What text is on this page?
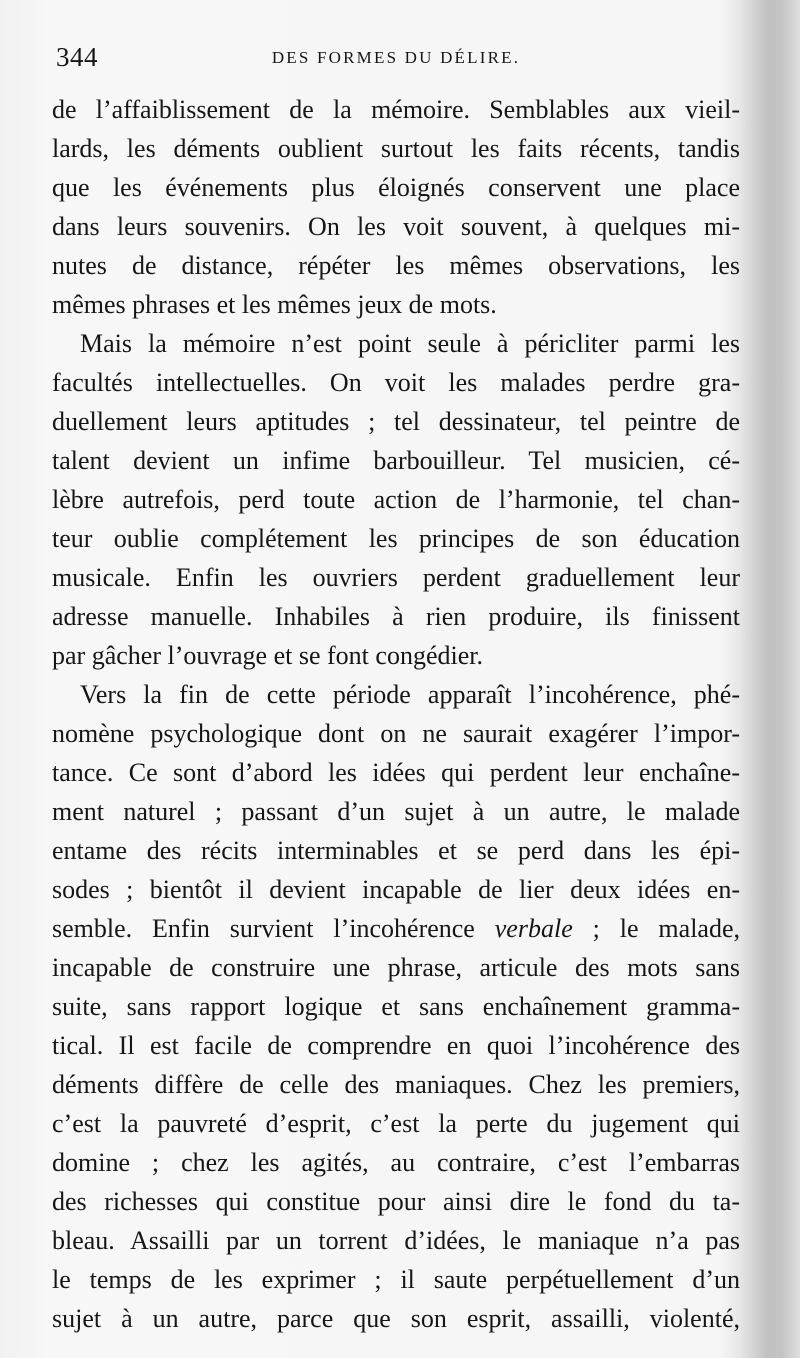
344	DES FORMES DU DÉLIRE.

de l’affaiblissement de la mémoire. Semblables aux vieil-
lards, les déments oublient surtout les faits récents, tandis
que les événements plus éloignés conservent une place
dans leurs souvenirs. On les voit souvent, à quelques mi-
nutes de distance, répéter les mêmes observations, les
mêmes phrases et les mêmes jeux de mots.

Mais la mémoire n’est point seule à péricliter parmi les
facultés intellectuelles. On voit les malades perdre gra-
duellement leurs aptitudes ; tel dessinateur, tel peintre de
talent devient un infime barbouilleur. Tel musicien, cé-
lèbre autrefois, perd toute action de l’harmonie, tel chan-
teur oublie complétement les principes de son éducation
musicale. Enfin les ouvriers perdent graduellement leur
adresse manuelle. Inhabiles à rien produire, ils finissent
par gâcher l’ouvrage et se font congédier.

Vers la fin de cette période apparaît l’incohérence, phé-
nomène psychologique dont on ne saurait exagérer l’impor-
tance. Ce sont d’abord les idées qui perdent leur enchaîne-
ment naturel ; passant d’un sujet à un autre, le malade
entame des récits interminables et se perd dans les épi-
sodes ; bientôt il devient incapable de lier deux idées en-
semble. Enfin survient l’incohérence verbale ; le malade,
incapable de construire une phrase, articule des mots sans
suite, sans rapport logique et sans enchaînement gramma-
tical. Il est facile de comprendre en quoi l’incohérence des
déments diffère de celle des maniaques. Chez les premiers,
c’est la pauvreté d’esprit, c’est la perte du jugement qui
domine ; chez les agités, au contraire, c’est l’embarras
des richesses qui constitue pour ainsi dire le fond du ta-
bleau. Assailli par un torrent d’idées, le maniaque n’a pas
le temps de les exprimer ; il saute perpétuellement d’un
sujet à un autre, parce que son esprit, assailli, violenté,
